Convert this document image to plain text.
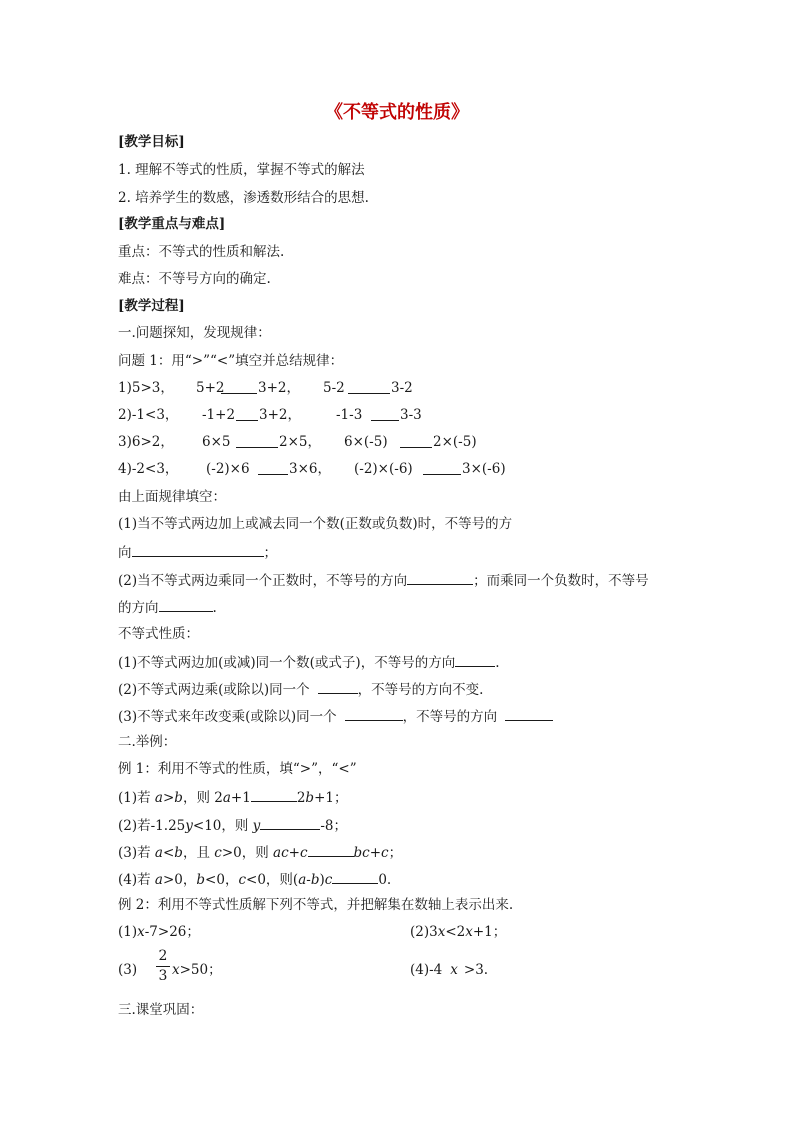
《不等式的性质》
[教学目标]
1. 理解不等式的性质，掌握不等式的解法
2. 培养学生的数感，渗透数形结合的思想.
[教学重点与难点]
重点：不等式的性质和解法.
难点：不等号方向的确定.
[教学过程]
一.问题探知，发现规律：
问题 1：用“>”“<”填空并总结规律：
1)5>3， 5+2 3+2， 5-2	3-2
2)-1<3， -1+2 3+2，	-1-3	3-3
3)6>2， 6×5	2×5， 6×(-5)	2×(-5)
4)-2<3， (-2)×6	3×6， (-2)×(-6)	3×(-6)
由上面规律填空：
(1)当不等式两边加上或减去同一个数(正数或负数)时，不等号的方
向	；
(2)当不等式两边乘同一个正数时，不等号的方向	；而乘同一个负数时，不等号
的方向	.
不等式性质：
(1)不等式两边加(或减)同一个数(或式子)，不等号的方向	.
(2)不等式两边乘(或除以)同一个	，不等号的方向不变.
(3)不等式来年改变乘(或除以)同一个	，不等号的方向
二.举例：
例 1：利用不等式的性质，填“>”，“<”
(1)若 a>b，则 2a+1	2b+1；
(2)若-1.25y<10，则 y	-8；
(3)若 a<b，且 c>0，则 ac+c	bc+c；
(4)若 a>0，b<0，c<0，则(a-b)c	0.
例 2：利用不等式性质解下列不等式，并把解集在数轴上表示出来.
(1)x-7>26；	(2)3x<2x+1；
(3)
2
3 x>50；	(4)-4 x >3.
三.课堂巩固：
